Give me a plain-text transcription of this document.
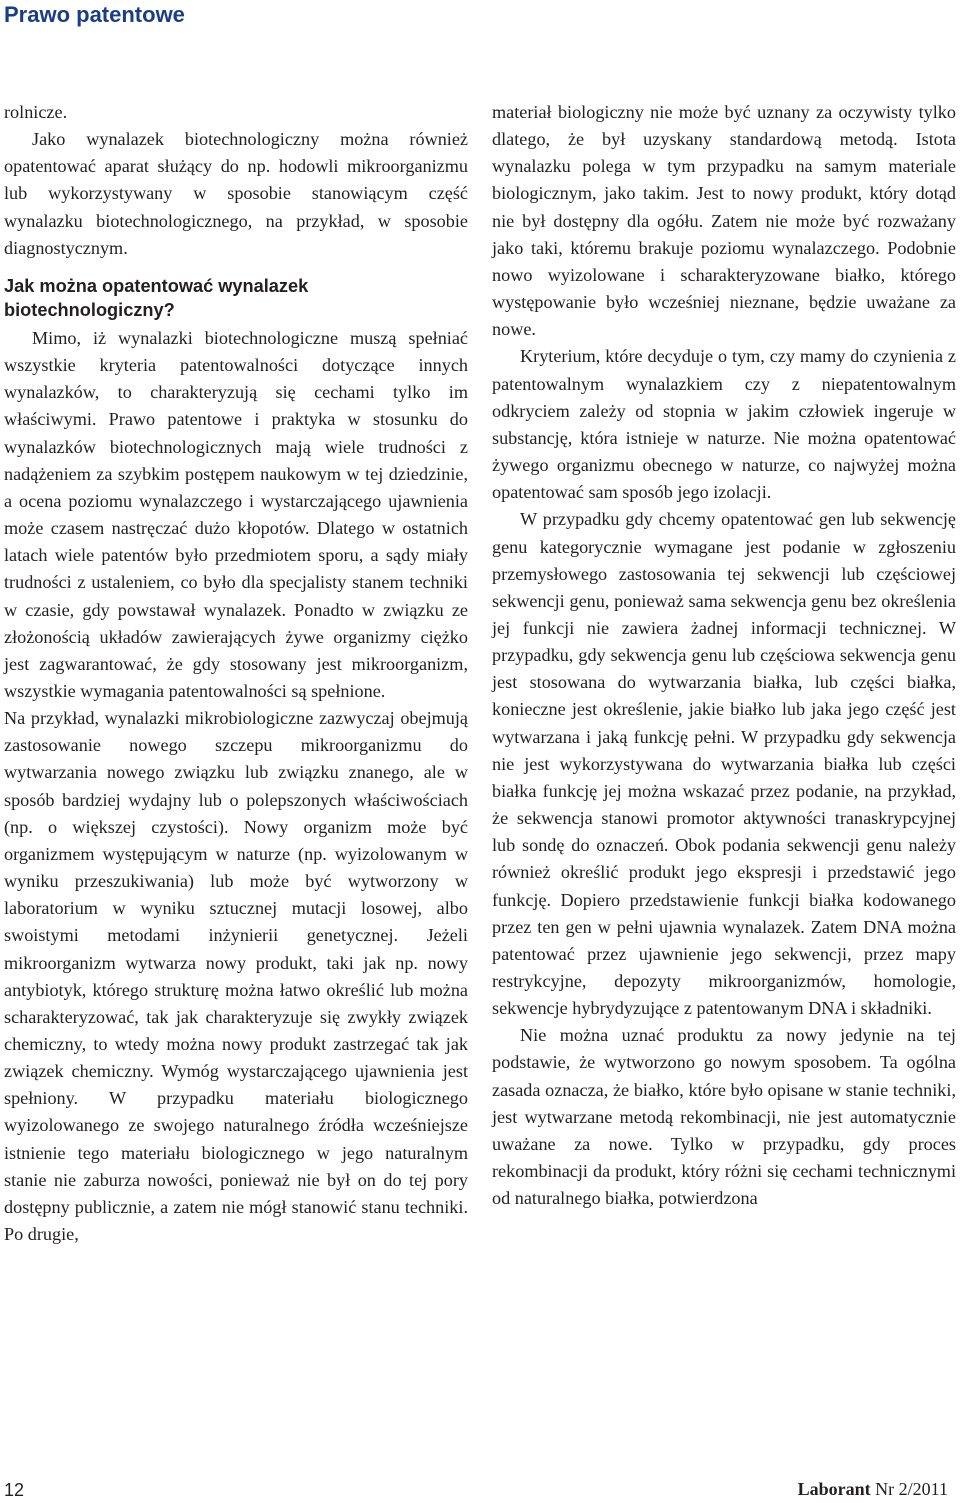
Prawo patentowe

rolnicze.

Jako wynalazek biotechnologiczny można również opatentować aparat służący do np. hodowli mikroorganizmu lub wykorzystywany w sposobie stanowiącym część wynalazku biotechnologicznego, na przykład, w sposobie diagnostycznym.

Jak można opatentować wynalazek biotechnologiczny?

Mimo, iż wynalazki biotechnologiczne muszą spełniać wszystkie kryteria patentowalności dotyczące innych wynalazków, to charakteryzują się cechami tylko im właściwymi. Prawo patentowe i praktyka w stosunku do wynalazków biotechnologicznych mają wiele trudności z nadążeniem za szybkim postępem naukowym w tej dziedzinie, a ocena poziomu wynalazczego i wystarczającego ujawnienia może czasem nastręczać dużo kłopotów. Dlatego w ostatnich latach wiele patentów było przedmiotem sporu, a sądy miały trudności z ustaleniem, co było dla specjalisty stanem techniki w czasie, gdy powstawał wynalazek. Ponadto w związku ze złożonością układów zawierających żywe organizmy ciężko jest zagwarantować, że gdy stosowany jest mikroorganizm, wszystkie wymagania patentowalności są spełnione.

Na przykład, wynalazki mikrobiologiczne zazwyczaj obejmują zastosowanie nowego szczepu mikroorganizmu do wytwarzania nowego związku lub związku znanego, ale w sposób bardziej wydajny lub o polepszonych właściwościach (np. o większej czystości). Nowy organizm może być organizmem występującym w naturze (np. wyizolowanym w wyniku przeszukiwania) lub może być wytworzony w laboratorium w wyniku sztucznej mutacji losowej, albo swoistymi metodami inżynierii genetycznej. Jeżeli mikroorganizm wytwarza nowy produkt, taki jak np. nowy antybiotyk, którego strukturę można łatwo określić lub można scharakteryzować, tak jak charakteryzuje się zwykły związek chemiczny, to wtedy można nowy produkt zastrzegać tak jak związek chemiczny. Wymóg wystarczającego ujawnienia jest spełniony. W przypadku materiału biologicznego wyizolowanego ze swojego naturalnego źródła wcześniejsze istnienie tego materiału biologicznego w jego naturalnym stanie nie zaburza nowości, ponieważ nie był on do tej pory dostępny publicznie, a zatem nie mógł stanowić stanu techniki. Po drugie,

materiał biologiczny nie może być uznany za oczywisty tylko dlatego, że był uzyskany standardową metodą. Istota wynalazku polega w tym przypadku na samym materiale biologicznym, jako takim. Jest to nowy produkt, który dotąd nie był dostępny dla ogółu. Zatem nie może być rozważany jako taki, któremu brakuje poziomu wynalazczego. Podobnie nowo wyizolowane i scharakteryzowane białko, którego występowanie było wcześniej nieznane, będzie uważane za nowe.

Kryterium, które decyduje o tym, czy mamy do czynienia z patentowalnym wynalazkiem czy z niepatentowalnym odkryciem zależy od stopnia w jakim człowiek ingeruje w substancję, która istnieje w naturze. Nie można opatentować żywego organizmu obecnego w naturze, co najwyżej można opatentować sam sposób jego izolacji.

W przypadku gdy chcemy opatentować gen lub sekwencję genu kategorycznie wymagane jest podanie w zgłoszeniu przemysłowego zastosowania tej sekwencji lub częściowej sekwencji genu, ponieważ sama sekwencja genu bez określenia jej funkcji nie zawiera żadnej informacji technicznej. W przypadku, gdy sekwencja genu lub częściowa sekwencja genu jest stosowana do wytwarzania białka, lub części białka, konieczne jest określenie, jakie białko lub jaka jego część jest wytwarzana i jaką funkcję pełni. W przypadku gdy sekwencja nie jest wykorzystywana do wytwarzania białka lub części białka funkcję jej można wskazać przez podanie, na przykład, że sekwencja stanowi promotor aktywności tranaskrypcyjnej lub sondę do oznaczeń. Obok podania sekwencji genu należy również określić produkt jego ekspresji i przedstawić jego funkcję. Dopiero przedstawienie funkcji białka kodowanego przez ten gen w pełni ujawnia wynalazek. Zatem DNA można patentować przez ujawnienie jego sekwencji, przez mapy restrykcyjne, depozyty mikroorganizmów, homologie, sekwencje hybrydyzujące z patentowanym DNA i składniki.

Nie można uznać produktu za nowy jedynie na tej podstawie, że wytworzono go nowym sposobem. Ta ogólna zasada oznacza, że białko, które było opisane w stanie techniki, jest wytwarzane metodą rekombinacji, nie jest automatycznie uważane za nowe. Tylko w przypadku, gdy proces rekombinacji da produkt, który różni się cechami technicznymi od naturalnego białka, potwierdzona

12	Laborant Nr 2/2011
